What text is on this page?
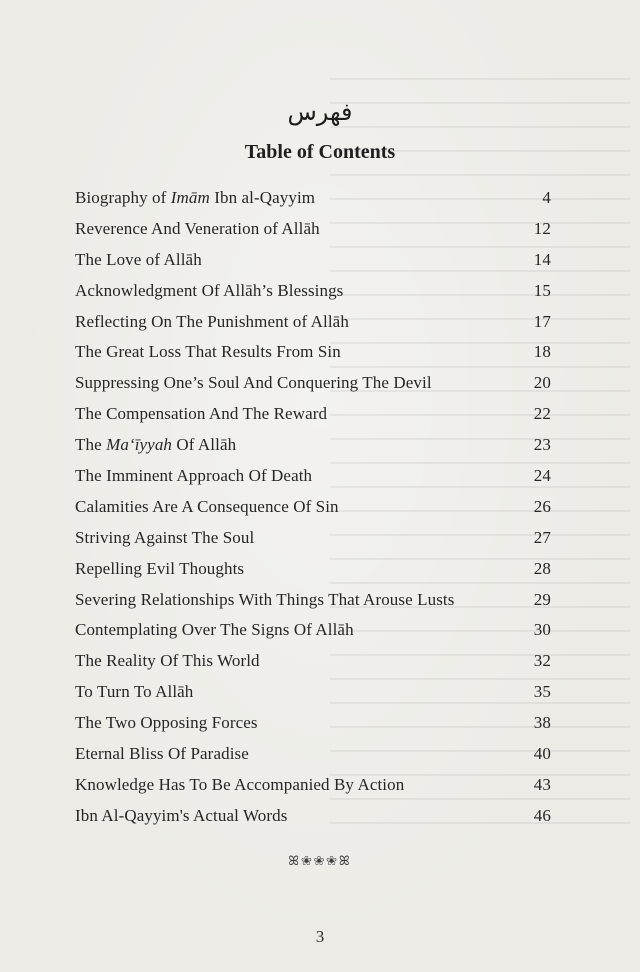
فهرس
Table of Contents
Biography of Imām Ibn al-Qayyim	4
Reverence And Veneration of Allāh	12
The Love of Allāh	14
Acknowledgment Of Allāh’s Blessings	15
Reflecting On The Punishment of Allāh	17
The Great Loss That Results From Sin	18
Suppressing One’s Soul And Conquering The Devil	20
The Compensation And The Reward	22
The Ma‘īyyah Of Allāh	23
The Imminent Approach Of Death	24
Calamities Are A Consequence Of Sin	26
Striving Against The Soul	27
Repelling Evil Thoughts	28
Severing Relationships With Things That Arouse Lusts	29
Contemplating Over The Signs Of Allāh	30
The Reality Of This World	32
To Turn To Allāh	35
The Two Opposing Forces	38
Eternal Bliss Of Paradise	40
Knowledge Has To Be Accompanied By Action	43
Ibn Al-Qayyim's Actual Words	46
ꕤ❀❀❀ꕤ
3
